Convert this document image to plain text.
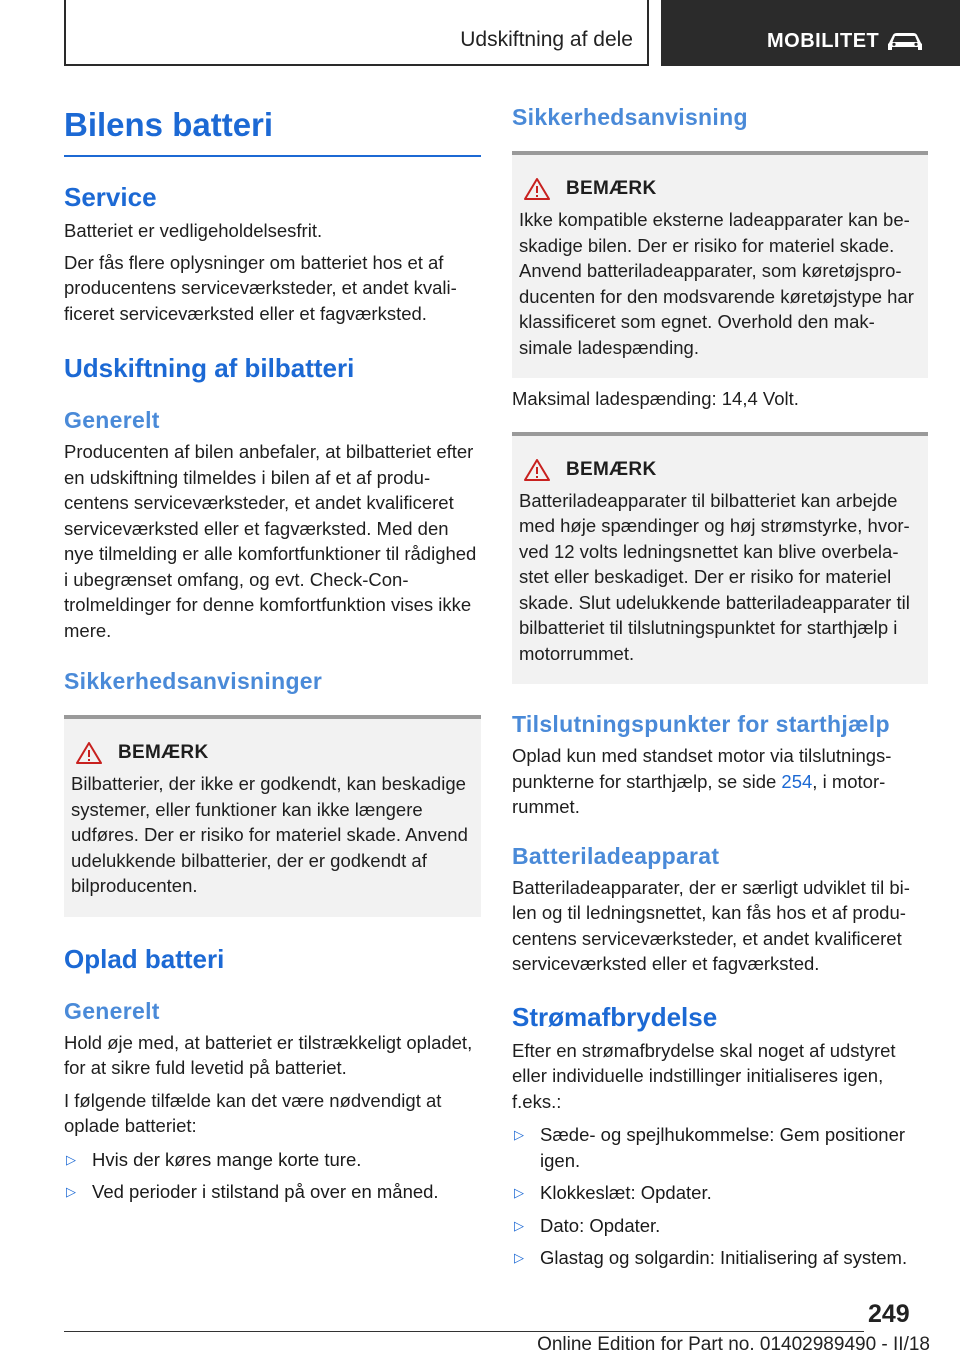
Udskiftning af dele	MOBILITET
Bilens batteri
Service
Batteriet er vedligeholdelsesfrit.
Der fås flere oplysninger om batteriet hos et af producentens serviceværksteder, et andet kvalificeret serviceværksted eller et fagværksted.
Udskiftning af bilbatteri
Generelt
Producenten af bilen anbefaler, at bilbatteriet efter en udskiftning tilmeldes i bilen af et af producentens serviceværksteder, et andet kvalificeret serviceværksted eller et fagværksted. Med den nye tilmelding er alle komfortfunktioner til rådighed i ubegrænset omfang, og evt. Check-Controlmeldinger for denne komfortfunktion vises ikke mere.
Sikkerhedsanvisninger
BEMÆRK
Bilbatterier, der ikke er godkendt, kan beskadige systemer, eller funktioner kan ikke længere udføres. Der er risiko for materiel skade. Anvend udelukkende bilbatterier, der er godkendt af bilproducenten.
Oplad batteri
Generelt
Hold øje med, at batteriet er tilstrækkeligt opladet, for at sikre fuld levetid på batteriet.
I følgende tilfælde kan det være nødvendigt at oplade batteriet:
▷ Hvis der køres mange korte ture.
▷ Ved perioder i stilstand på over en måned.
Sikkerhedsanvisning
BEMÆRK
Ikke kompatible eksterne ladeapparater kan beskadige bilen. Der er risiko for materiel skade. Anvend batteriladeapparater, som køretøjsproducenten for den modsvarende køretøjstype har klassificeret som egnet. Overhold den maksimale ladespænding.
Maksimal ladespænding: 14,4 Volt.
BEMÆRK
Batteriladeapparater til bilbatteriet kan arbejde med høje spændinger og høj strømstyrke, hvorved 12 volts ledningsnettet kan blive overbelastet eller beskadiget. Der er risiko for materiel skade. Slut udelukkende batteriladeapparater til bilbatteriet til tilslutningspunktet for starthjælp i motorrummet.
Tilslutningspunkter for starthjælp
Oplad kun med standset motor via tilslutningspunkterne for starthjælp, se side 254, i motorrummet.
Batteriladeapparat
Batteriladeapparater, der er særligt udviklet til bilen og til ledningsnettet, kan fås hos et af producentens serviceværksteder, et andet kvalificeret serviceværksted eller et fagværksted.
Strømafbrydelse
Efter en strømafbrydelse skal noget af udstyret eller individuelle indstillinger initialiseres igen, f.eks.:
▷ Sæde- og spejlhukommelse: Gem positioner igen.
▷ Klokkeslæt: Opdater.
▷ Dato: Opdater.
▷ Glastag og solgardin: Initialisering af system.
249
Online Edition for Part no. 01402989490 - II/18
